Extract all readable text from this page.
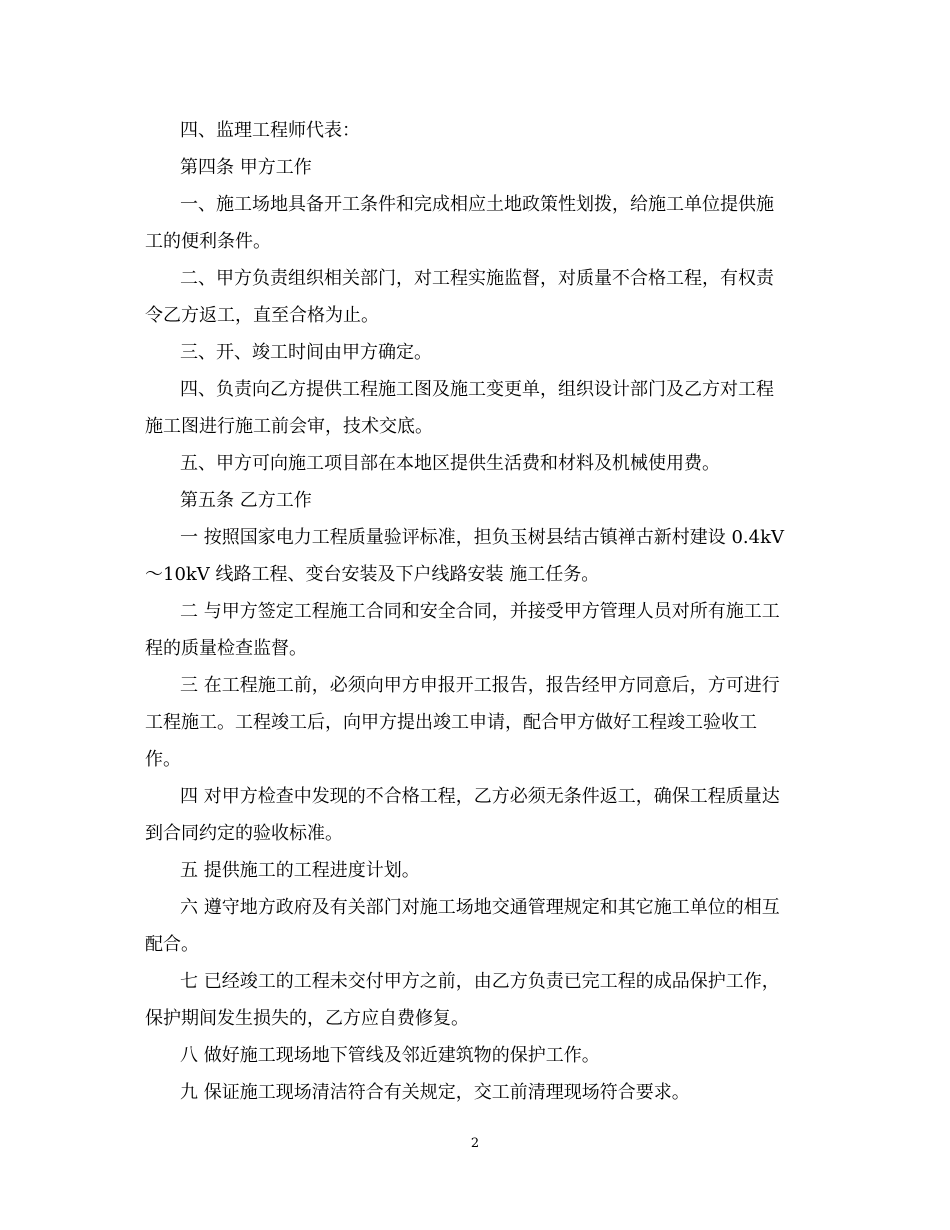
四、监理工程师代表：
第四条 甲方工作
一、施工场地具备开工条件和完成相应土地政策性划拨，给施工单位提供施
工的便利条件。
二、甲方负责组织相关部门，对工程实施监督，对质量不合格工程，有权责
令乙方返工，直至合格为止。
三、开、竣工时间由甲方确定。
四、负责向乙方提供工程施工图及施工变更单，组织设计部门及乙方对工程
施工图进行施工前会审，技术交底。
五、甲方可向施工项目部在本地区提供生活费和材料及机械使用费。
第五条 乙方工作
一 按照国家电力工程质量验评标准，担负玉树县结古镇禅古新村建设 0.4kV
～10kV 线路工程、变台安装及下户线路安装 施工任务。
二 与甲方签定工程施工合同和安全合同，并接受甲方管理人员对所有施工工
程的质量检查监督。
三 在工程施工前，必须向甲方申报开工报告，报告经甲方同意后，方可进行
工程施工。工程竣工后，向甲方提出竣工申请，配合甲方做好工程竣工验收工
作。
四 对甲方检查中发现的不合格工程，乙方必须无条件返工，确保工程质量达
到合同约定的验收标准。
五 提供施工的工程进度计划。
六 遵守地方政府及有关部门对施工场地交通管理规定和其它施工单位的相互
配合。
七 已经竣工的工程未交付甲方之前，由乙方负责已完工程的成品保护工作，
保护期间发生损失的，乙方应自费修复。
八 做好施工现场地下管线及邻近建筑物的保护工作。
九 保证施工现场清洁符合有关规定，交工前清理现场符合要求。
2
